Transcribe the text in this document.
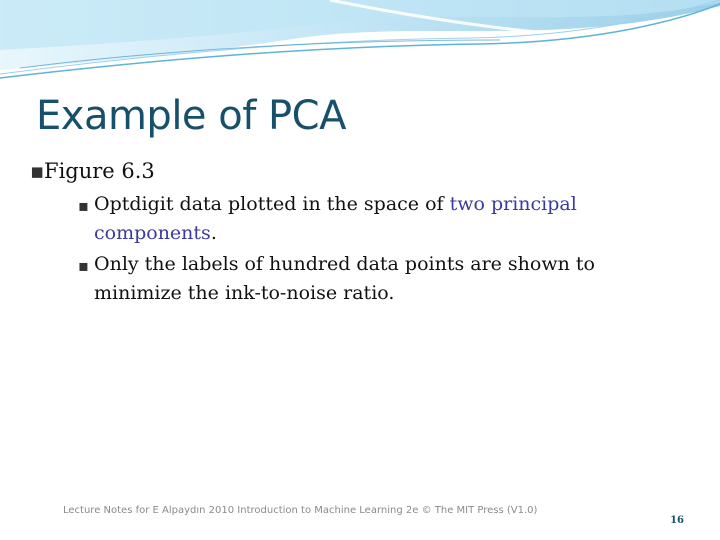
Example of PCA
▪ Figure 6.3
▪ Optdigit data plotted in the space of two principal components.
▪ Only the labels of hundred data points are shown to minimize the ink-to-noise ratio.
Lecture Notes for E Alpaydın 2010 Introduction to Machine Learning 2e © The MIT Press (V1.0)
16
